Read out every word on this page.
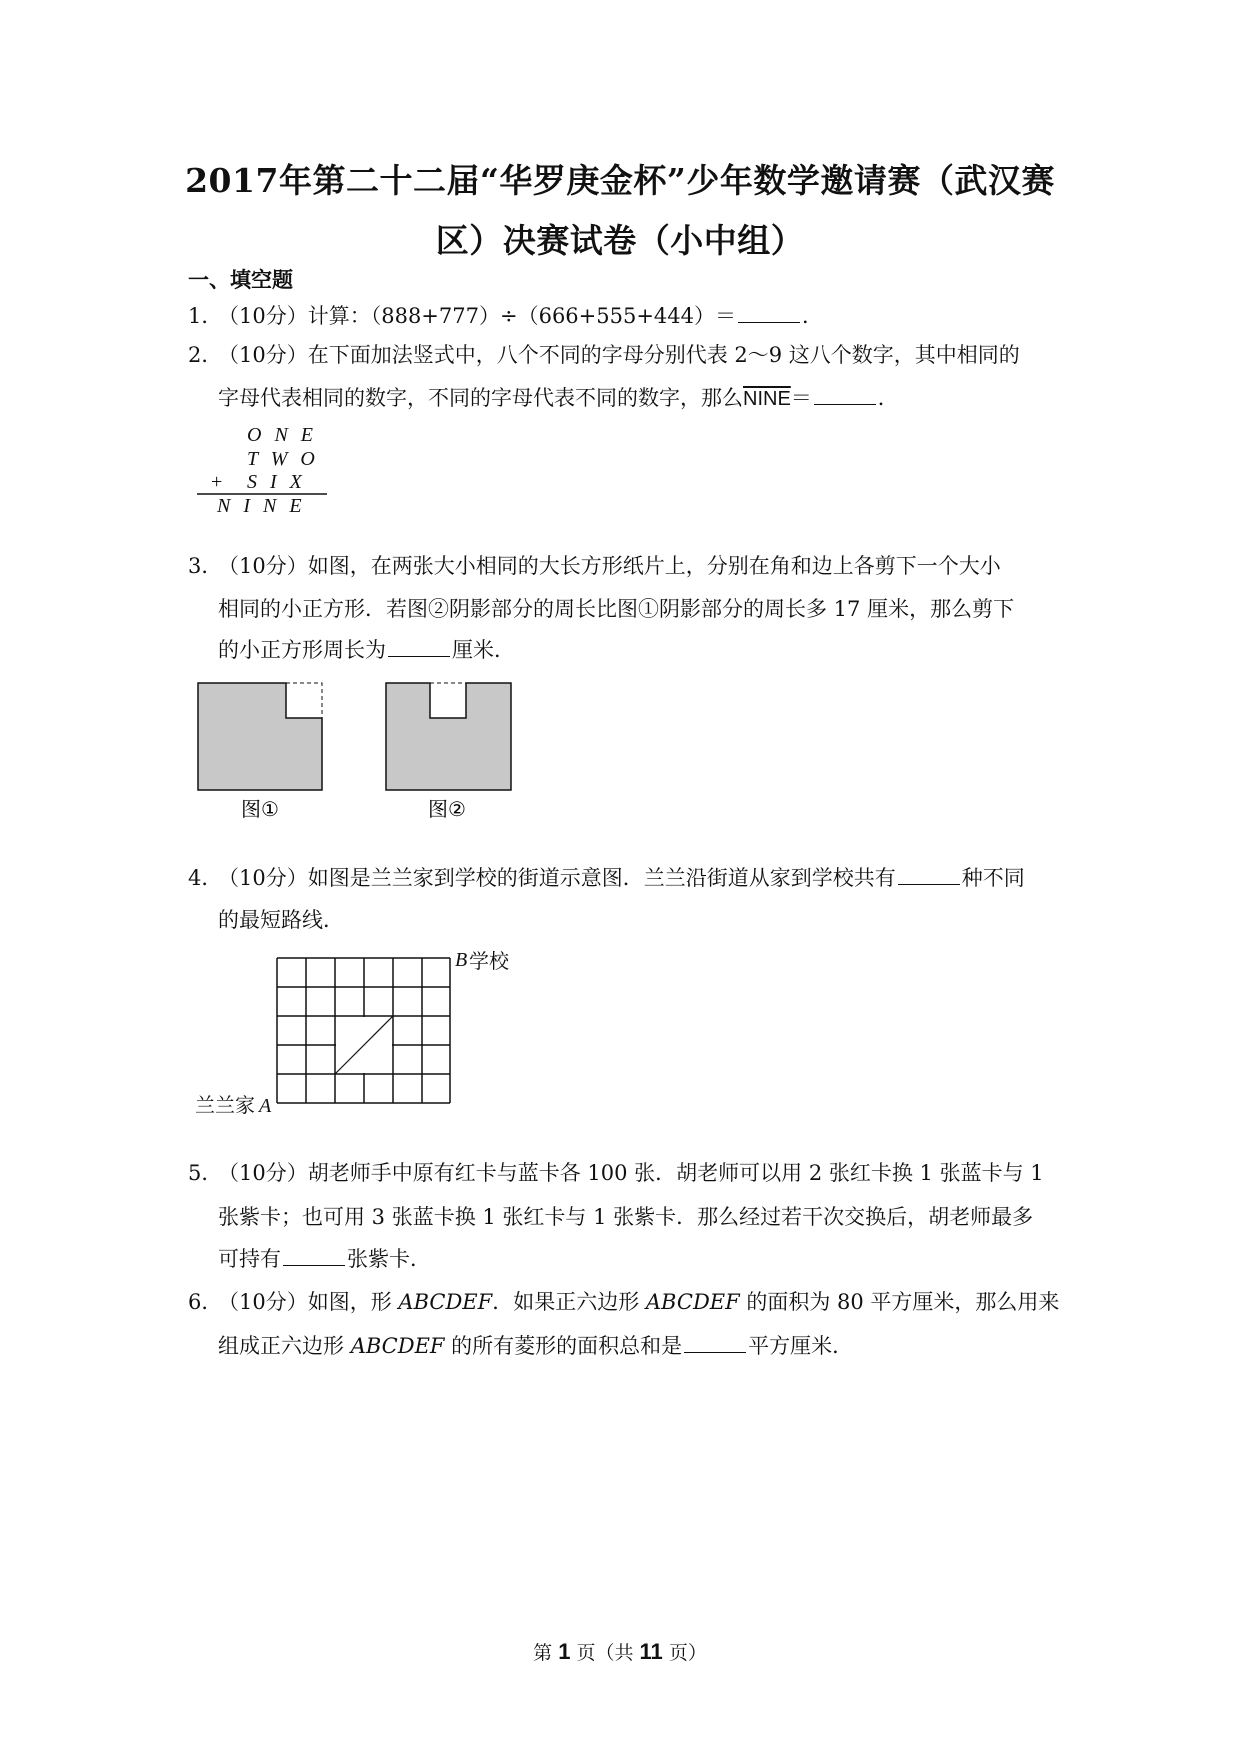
2017年第二十二届“华罗庚金杯”少年数学邀请赛（武汉赛
区）决赛试卷（小中组）
一、填空题
1．
（10分）计算：（888+777）÷（666+555+444）＝	．
2．
（10分）在下面加法竖式中，八个不同的字母分别代表 2～9 这八个数字，其中相同的
字母代表相同的数字，不同的字母代表不同的数字，那么NINE＝	．
O N E
T W O
+ S I X
N I N E
3．
（10分）如图，在两张大小相同的大长方形纸片上，分别在角和边上各剪下一个大小
相同的小正方形．若图②阴影部分的周长比图①阴影部分的周长多 17 厘米，那么剪下
的小正方形周长为	厘米．
图①	图②
4．
（10分）如图是兰兰家到学校的街道示意图．兰兰沿街道从家到学校共有	种不同
的最短路线．
B 学校
兰兰家 A
5．
（10分）胡老师手中原有红卡与蓝卡各 100 张．胡老师可以用 2 张红卡换 1 张蓝卡与 1
张紫卡；也可用 3 张蓝卡换 1 张红卡与 1 张紫卡．那么经过若干次交换后，胡老师最多
可持有	张紫卡．
6．
（10分）如图，形 ABCDEF．如果正六边形 ABCDEF 的面积为 80 平方厘米，那么用来
组成正六边形 ABCDEF 的所有菱形的面积总和是	平方厘米．
第 1 页（共 11 页）
